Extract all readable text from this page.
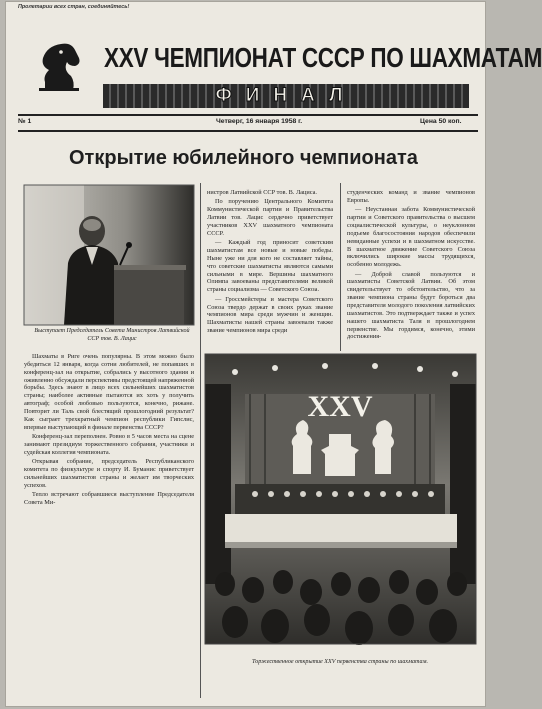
Пролетарии всех стран, соединяйтесь!
XXV ЧЕМПИОНАТ СССР ПО ШАХМАТАМ
ФИНАЛ
№ 1	Четверг, 16 января 1958 г.	Цена 50 коп.
Открытие юбилейного чемпионата
Выступает Председатель Совета Министров Латвийской ССР тов. В. Лацис

Шахматы в Риге очень популярны. В этом можно было убедиться 12 января, когда сотни любителей, не попавших в конференц-зал на открытие, собрались у высотного здания и оживленно обсуждали перспективы предстоящей напряженной борьбы. Здесь знают в лицо всех сильнейших шахматистов страны; наиболее активные пытаются их хоть у получить автограф; особой любовью пользуются, конечно, рижане. Повторит ли Таль свой блестящий прошлогодний результат? Как сыграет трехкратный чемпион республики Гипслис, впервые выступающий в финале первенства СССР?

Конференц-зал переполнен. Ровно в 5 часов места на сцене занимают президиум торжественного собрания, участники и судейская коллегия чемпионата.

Открывая собрание, председатель Республиканского комитета по физкультуре и спорту И. Буманис приветствует сильнейших шахматистов страны и желает им творческих успехов.

Тепло встречают собравшиеся выступление Председателя Совета Ми-

нистров Латвийской ССР тов. В. Лациса.

По поручению Центрального Комитета Коммунистической партии и Правительства Латвии тов. Лацис сердечно приветствует участников XXV шахматного чемпионата СССР.

— Каждый год приносит советским шахматистам все новые и новые победы. Ныне уже ни для кого не составляет тайны, что советские шахматисты являются самыми сильными в мире. Вершины шахматного Олимпа завоеваны представителями великой страны социализма — Советского Союза.

— Гроссмейстеры и мастера Советского Союза твердо держат в своих руках звание чемпионов мира среди мужчин и женщин. Шахматисты нашей страны завоевали также звание чемпионов мира среди

студенческих команд и звание чемпионов Европы.

— Неустанная забота Коммунистической партии и Советского правительства о высшем социалистической культуры, о неуклонном подъеме благосостояния народов обеспечили невиданные успехи и в шахматном искусстве. В шахматное движение Советского Союза включились широкие массы трудящихся, особенно молодежь.

— Доброй славой пользуются и шахматисты Советской Латвии. Об этом свидетельствует то обстоятельство, что за звание чемпиона страны будут бороться два представителя молодого поколения латвийских шахматистов. Это подтверждает также и успех нашего шахматиста Таля в прошлогоднем первенстве. Мы гордимся, конечно, этими достижения-

XXV
Торжественное открытие XXV первенства страны по шахматам.
